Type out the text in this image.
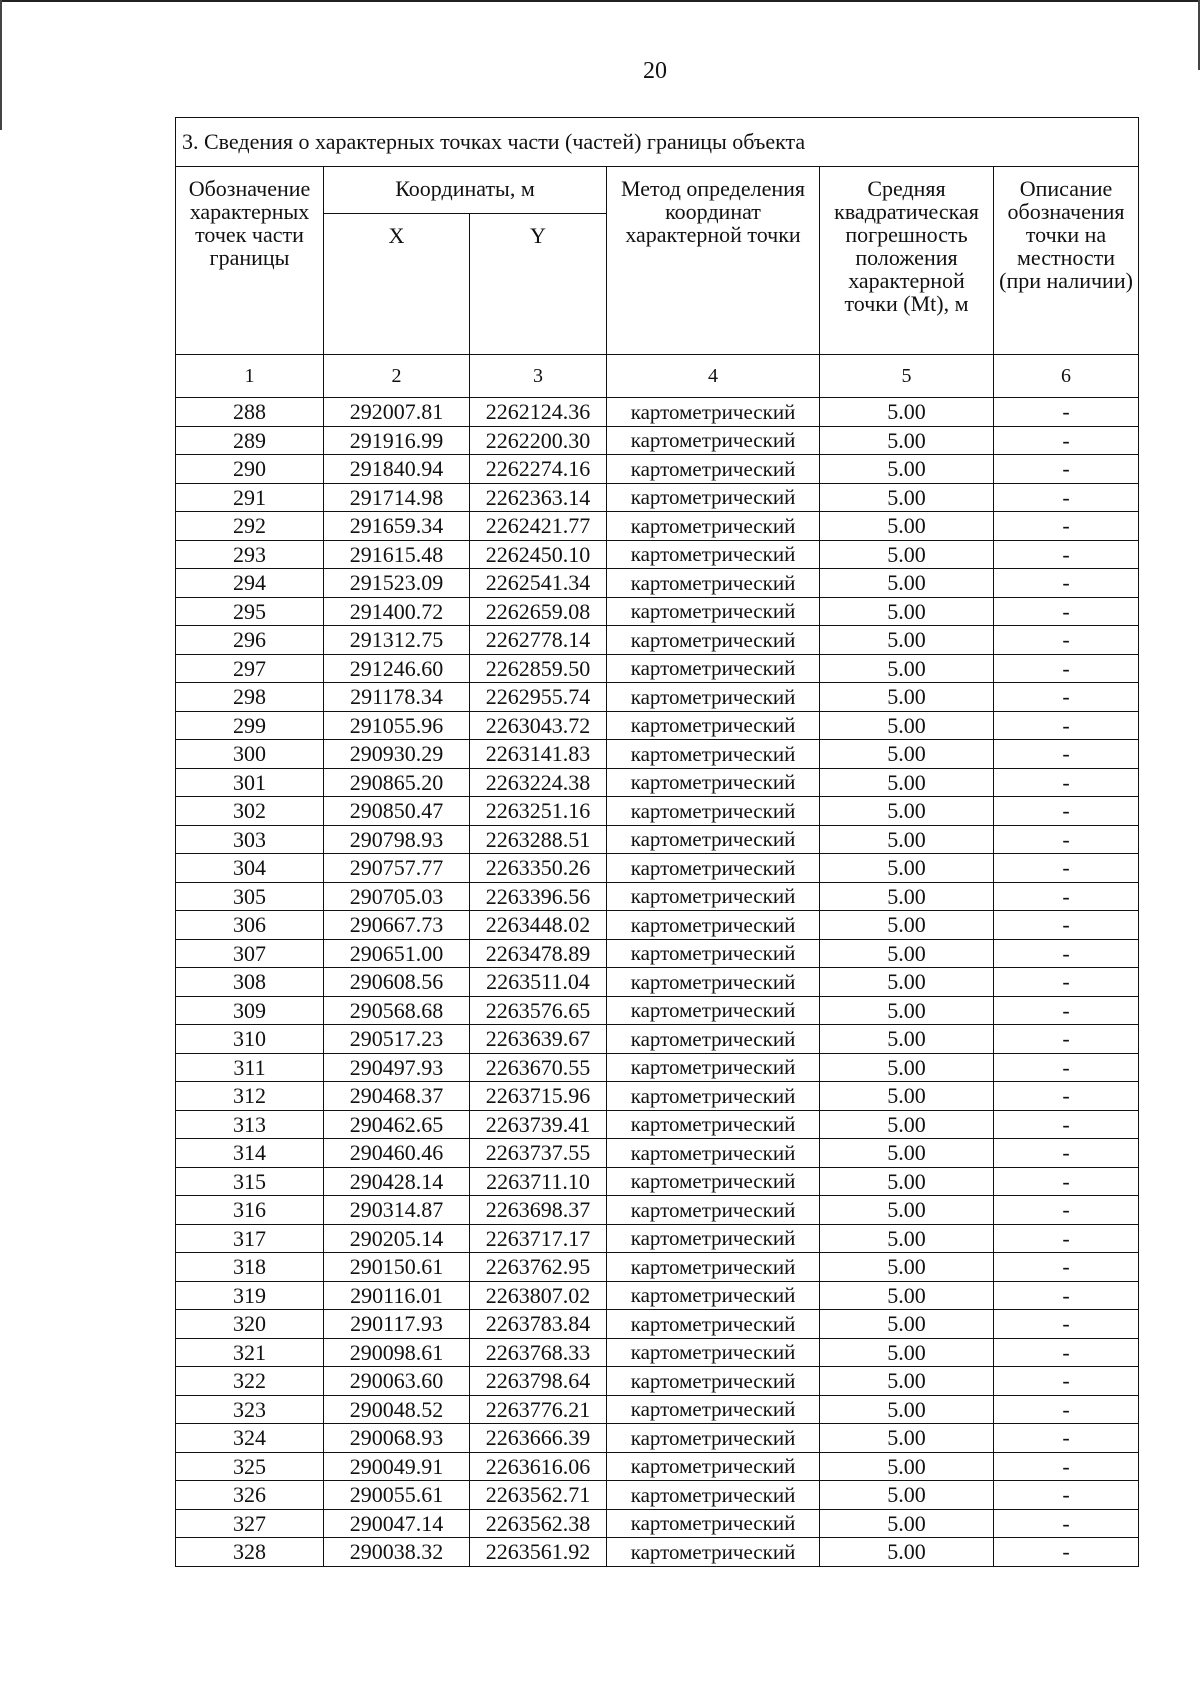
20
3. Сведения о характерных точках части (частей) границы объекта					
Обозначение характерных точек части границы	Координаты, м		Метод определения координат характерной точки	Средняя квадратическая погрешность положения характерной точки (Mt), м	Описание обозначения точки на местности (при наличии)
	X	Y			
1	2	3	4	5	6
288	292007.81	2262124.36	картометрический	5.00	-
289	291916.99	2262200.30	картометрический	5.00	-
290	291840.94	2262274.16	картометрический	5.00	-
291	291714.98	2262363.14	картометрический	5.00	-
292	291659.34	2262421.77	картометрический	5.00	-
293	291615.48	2262450.10	картометрический	5.00	-
294	291523.09	2262541.34	картометрический	5.00	-
295	291400.72	2262659.08	картометрический	5.00	-
296	291312.75	2262778.14	картометрический	5.00	-
297	291246.60	2262859.50	картометрический	5.00	-
298	291178.34	2262955.74	картометрический	5.00	-
299	291055.96	2263043.72	картометрический	5.00	-
300	290930.29	2263141.83	картометрический	5.00	-
301	290865.20	2263224.38	картометрический	5.00	-
302	290850.47	2263251.16	картометрический	5.00	-
303	290798.93	2263288.51	картометрический	5.00	-
304	290757.77	2263350.26	картометрический	5.00	-
305	290705.03	2263396.56	картометрический	5.00	-
306	290667.73	2263448.02	картометрический	5.00	-
307	290651.00	2263478.89	картометрический	5.00	-
308	290608.56	2263511.04	картометрический	5.00	-
309	290568.68	2263576.65	картометрический	5.00	-
310	290517.23	2263639.67	картометрический	5.00	-
311	290497.93	2263670.55	картометрический	5.00	-
312	290468.37	2263715.96	картометрический	5.00	-
313	290462.65	2263739.41	картометрический	5.00	-
314	290460.46	2263737.55	картометрический	5.00	-
315	290428.14	2263711.10	картометрический	5.00	-
316	290314.87	2263698.37	картометрический	5.00	-
317	290205.14	2263717.17	картометрический	5.00	-
318	290150.61	2263762.95	картометрический	5.00	-
319	290116.01	2263807.02	картометрический	5.00	-
320	290117.93	2263783.84	картометрический	5.00	-
321	290098.61	2263768.33	картометрический	5.00	-
322	290063.60	2263798.64	картометрический	5.00	-
323	290048.52	2263776.21	картометрический	5.00	-
324	290068.93	2263666.39	картометрический	5.00	-
325	290049.91	2263616.06	картометрический	5.00	-
326	290055.61	2263562.71	картометрический	5.00	-
327	290047.14	2263562.38	картометрический	5.00	-
328	290038.32	2263561.92	картометрический	5.00	-
